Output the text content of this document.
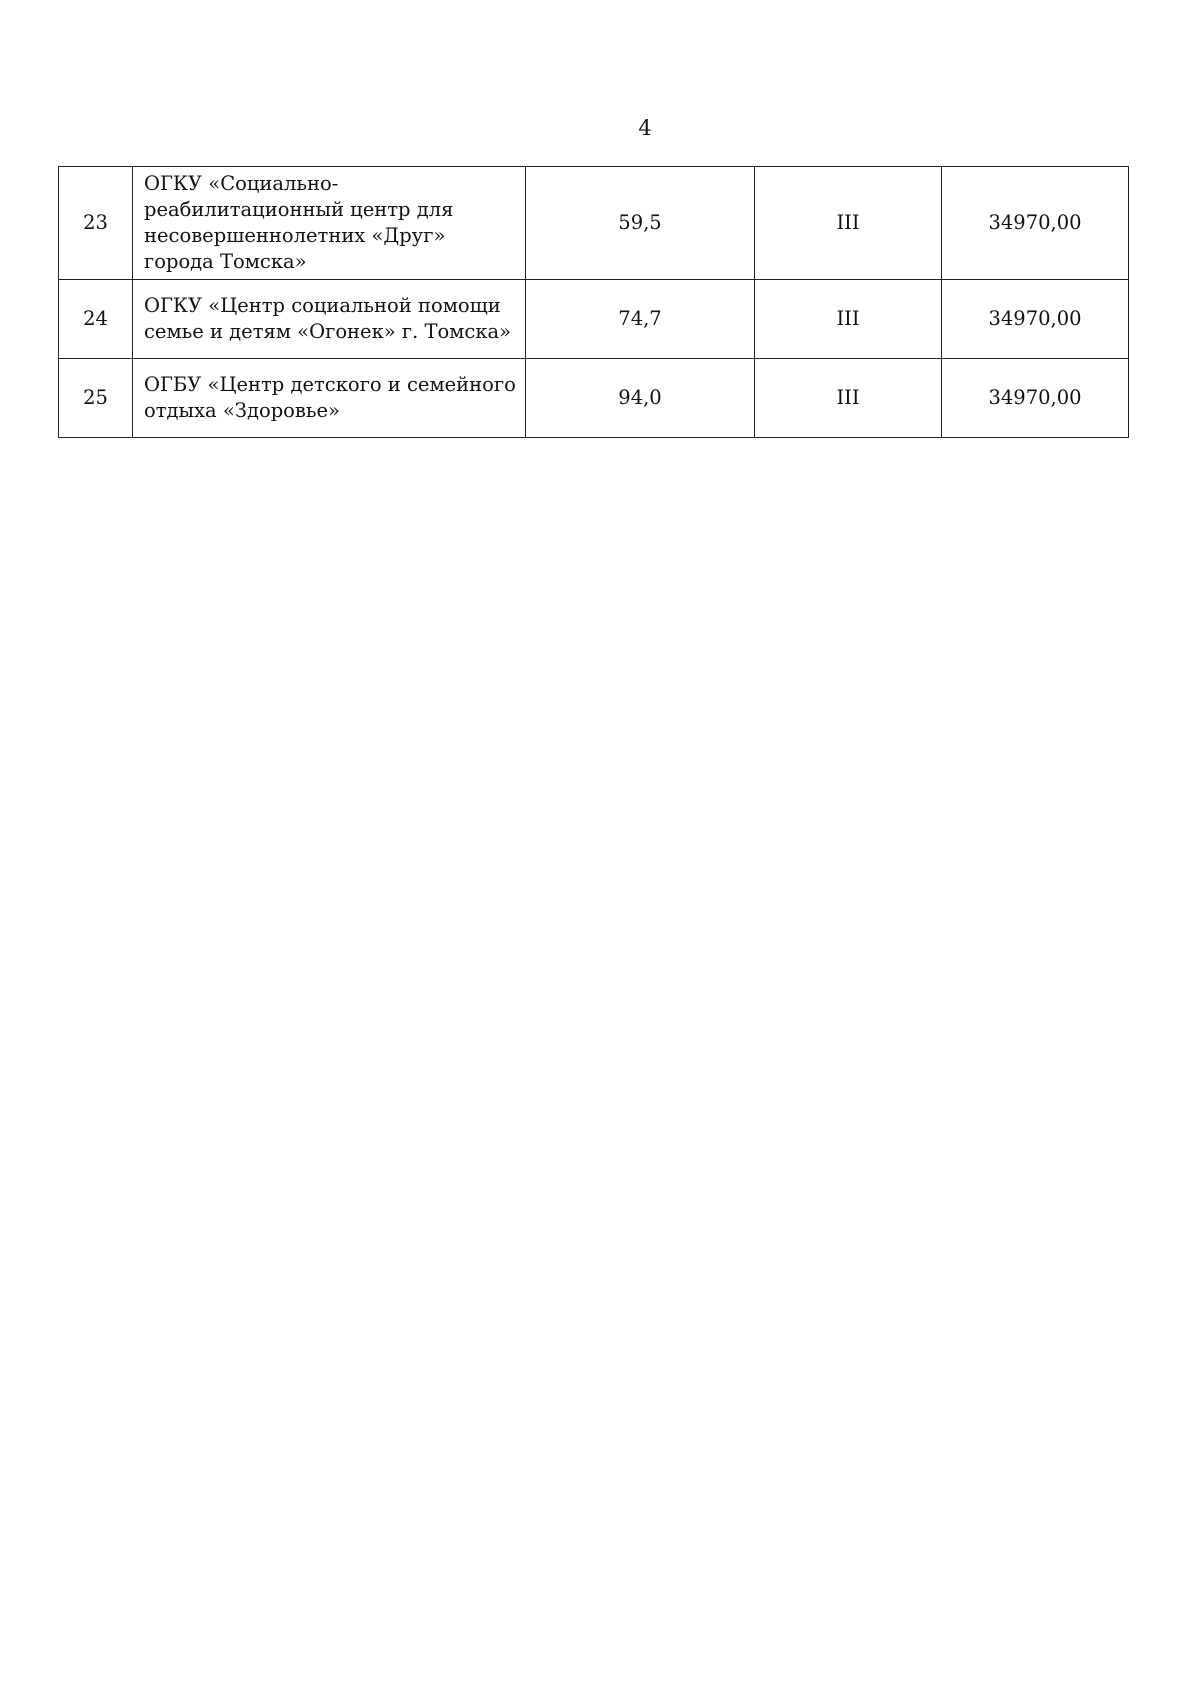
4
23	ОГКУ «Социально-реабилитационный центр для несовершеннолетних «Друг» города Томска»	59,5	III	34970,00
24	ОГКУ «Центр социальной помощи семье и детям «Огонек» г. Томска»	74,7	III	34970,00
25	ОГБУ «Центр детского и семейного отдыха «Здоровье»	94,0	III	34970,00
